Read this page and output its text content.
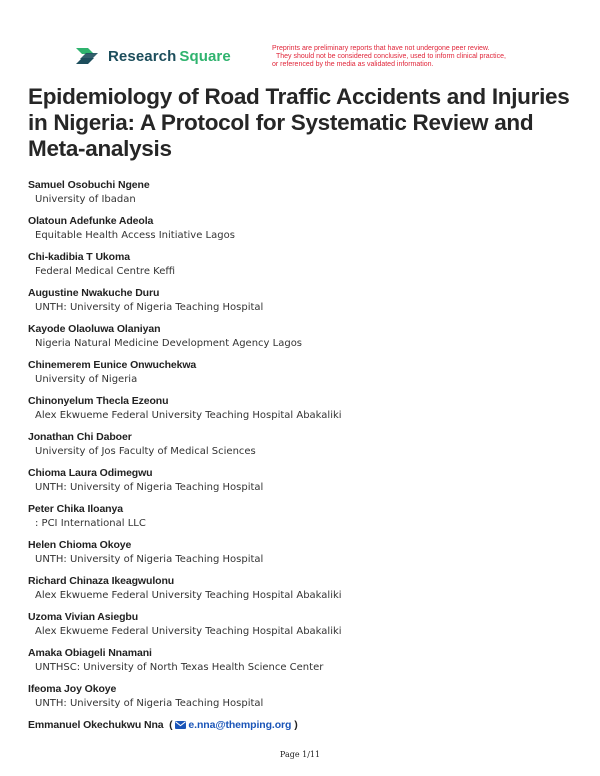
Research Square	Preprints are preliminary reports that have not undergone peer review.
They should not be considered conclusive, used to inform clinical practice,
or referenced by the media as validated information.
Epidemiology of Road Traffic Accidents and Injuries in Nigeria: A Protocol for Systematic Review and Meta-analysis
Samuel Osobuchi Ngene
University of Ibadan
Olatoun Adefunke Adeola
Equitable Health Access Initiative Lagos
Chi-kadibia T Ukoma
Federal Medical Centre Keffi
Augustine Nwakuche Duru
UNTH: University of Nigeria Teaching Hospital
Kayode Olaoluwa Olaniyan
Nigeria Natural Medicine Development Agency Lagos
Chinemerem Eunice Onwuchekwa
University of Nigeria
Chinonyelum Thecla Ezeonu
Alex Ekwueme Federal University Teaching Hospital Abakaliki
Jonathan Chi Daboer
University of Jos Faculty of Medical Sciences
Chioma Laura Odimegwu
UNTH: University of Nigeria Teaching Hospital
Peter Chika Iloanya
: PCI International LLC
Helen Chioma Okoye
UNTH: University of Nigeria Teaching Hospital
Richard Chinaza Ikeagwulonu
Alex Ekwueme Federal University Teaching Hospital Abakaliki
Uzoma Vivian Asiegbu
Alex Ekwueme Federal University Teaching Hospital Abakaliki
Amaka Obiageli Nnamani
UNTHSC: University of North Texas Health Science Center
Ifeoma Joy Okoye
UNTH: University of Nigeria Teaching Hospital
Emmanuel Okechukwu Nna ( e.nna@themping.org )
Page 1/11
